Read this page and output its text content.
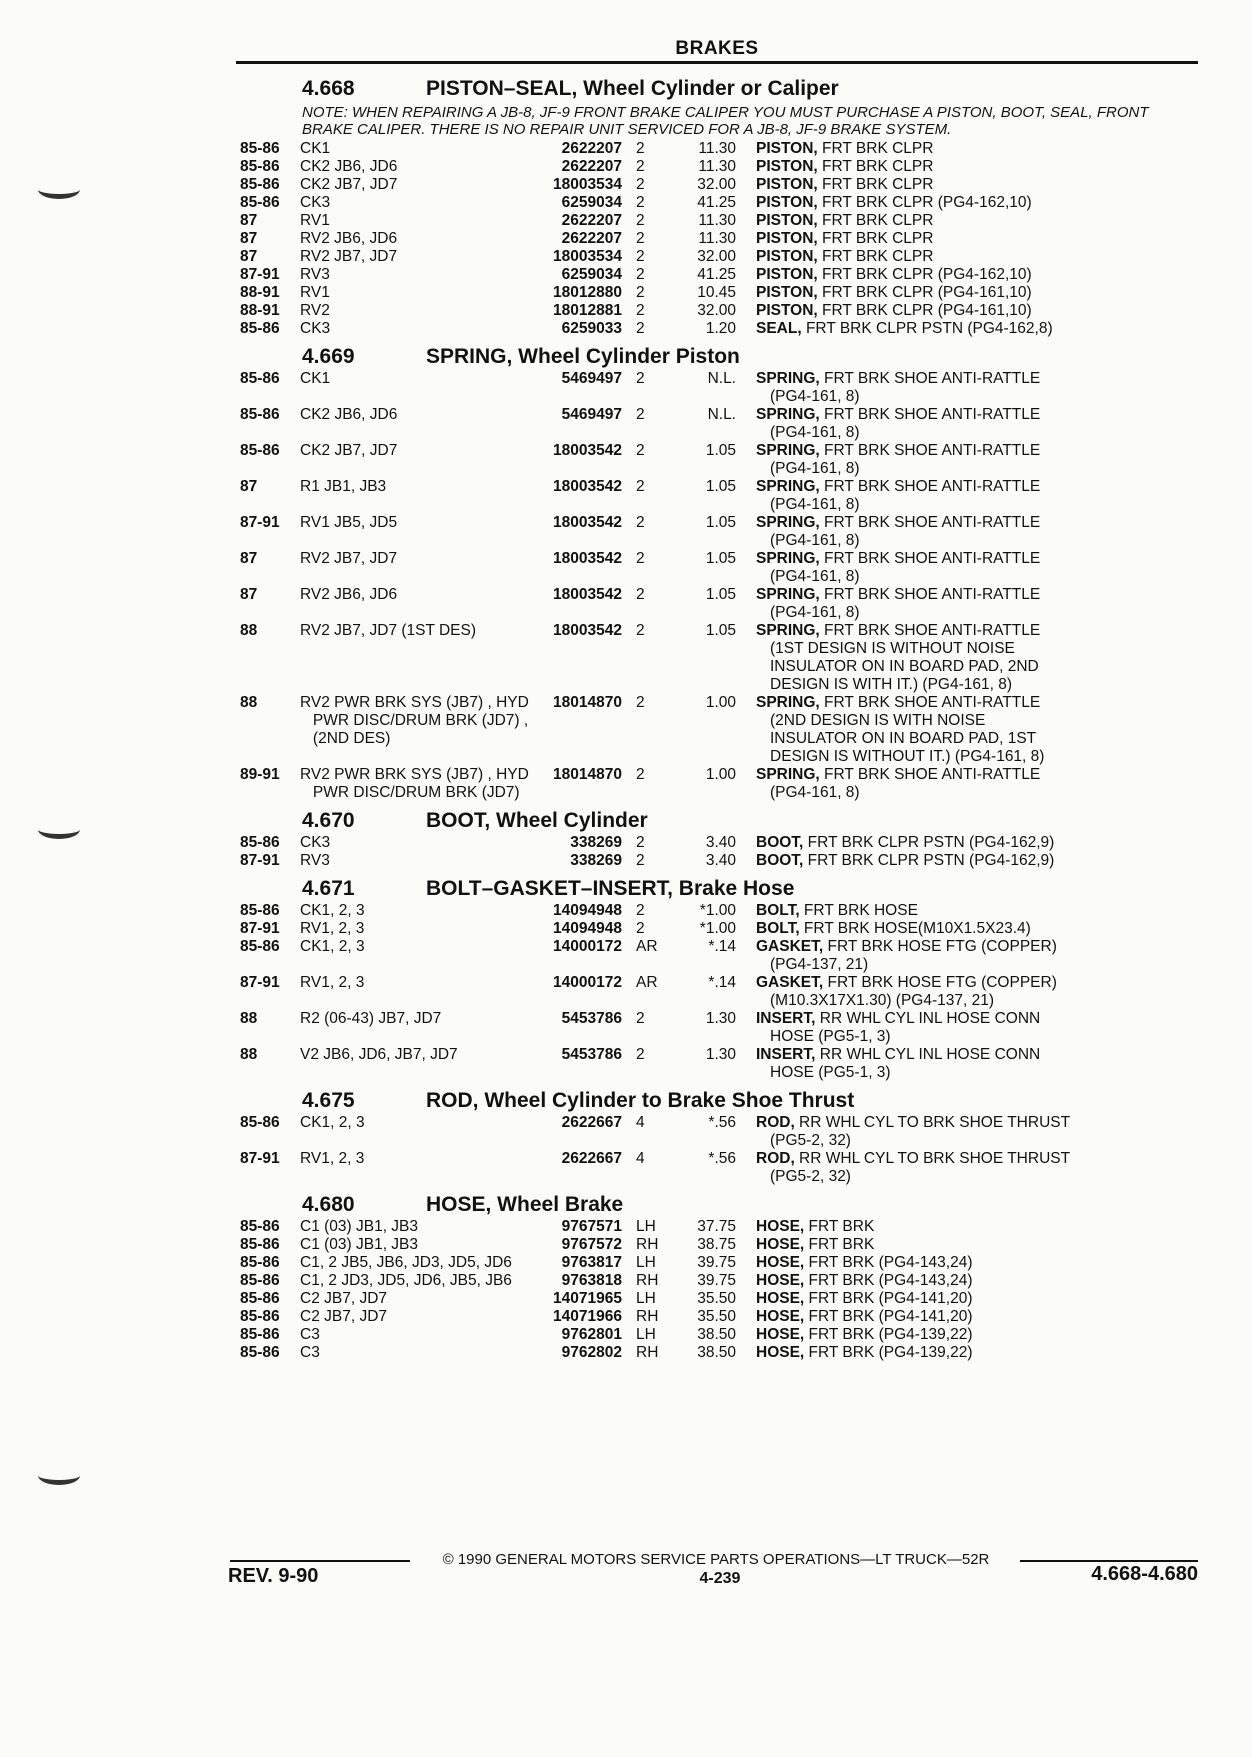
BRAKES
4.668	PISTON–SEAL, Wheel Cylinder or Caliper
NOTE: WHEN REPAIRING A JB-8, JF-9 FRONT BRAKE CALIPER YOU MUST PURCHASE A PISTON, BOOT, SEAL, FRONT BRAKE CALIPER. THERE IS NO REPAIR UNIT SERVICED FOR A JB-8, JF-9 BRAKE SYSTEM.
85-86	CK1	2622207 2	11.30 PISTON, FRT BRK CLPR
85-86	CK2 JB6, JD6	2622207 2	11.30 PISTON, FRT BRK CLPR
85-86	CK2 JB7, JD7	18003534 2	32.00 PISTON, FRT BRK CLPR
85-86	CK3	6259034 2	41.25 PISTON, FRT BRK CLPR (PG4-162,10)
87	RV1	2622207 2	11.30 PISTON, FRT BRK CLPR
87	RV2 JB6, JD6	2622207 2	11.30 PISTON, FRT BRK CLPR
87	RV2 JB7, JD7	18003534 2	32.00 PISTON, FRT BRK CLPR
87-91	RV3	6259034 2	41.25 PISTON, FRT BRK CLPR (PG4-162,10)
88-91	RV1	18012880 2	10.45 PISTON, FRT BRK CLPR (PG4-161,10)
88-91	RV2	18012881 2	32.00 PISTON, FRT BRK CLPR (PG4-161,10)
85-86	CK3	6259033 2	1.20 SEAL, FRT BRK CLPR PSTN (PG4-162,8)
4.669	SPRING, Wheel Cylinder Piston
85-86	CK1	5469497 2	N.L. SPRING, FRT BRK SHOE ANTI-RATTLE
(PG4-161, 8)
85-86	CK2 JB6, JD6	5469497 2	N.L. SPRING, FRT BRK SHOE ANTI-RATTLE
(PG4-161, 8)
85-86	CK2 JB7, JD7	18003542 2	1.05 SPRING, FRT BRK SHOE ANTI-RATTLE
(PG4-161, 8)
87	R1 JB1, JB3	18003542 2	1.05 SPRING, FRT BRK SHOE ANTI-RATTLE
(PG4-161, 8)
87-91	RV1 JB5, JD5	18003542 2	1.05 SPRING, FRT BRK SHOE ANTI-RATTLE
(PG4-161, 8)
87	RV2 JB7, JD7	18003542 2	1.05 SPRING, FRT BRK SHOE ANTI-RATTLE
(PG4-161, 8)
87	RV2 JB6, JD6	18003542 2	1.05 SPRING, FRT BRK SHOE ANTI-RATTLE
(PG4-161, 8)
88	RV2 JB7, JD7 (1ST DES)	18003542 2	1.05 SPRING, FRT BRK SHOE ANTI-RATTLE
(1ST DESIGN IS WITHOUT NOISE
INSULATOR ON IN BOARD PAD, 2ND
DESIGN IS WITH IT.) (PG4-161, 8)
88	RV2 PWR BRK SYS (JB7) , HYD
PWR DISC/DRUM BRK (JD7) ,
(2ND DES)
18014870 2	1.00 SPRING, FRT BRK SHOE ANTI-RATTLE
(2ND DESIGN IS WITH NOISE
INSULATOR ON IN BOARD PAD, 1ST
DESIGN IS WITHOUT IT.) (PG4-161, 8)
89-91	RV2 PWR BRK SYS (JB7) , HYD
PWR DISC/DRUM BRK (JD7)
18014870 2	1.00 SPRING, FRT BRK SHOE ANTI-RATTLE
(PG4-161, 8)
4.670	BOOT, Wheel Cylinder
85-86	CK3	338269 2	3.40 BOOT, FRT BRK CLPR PSTN (PG4-162,9)
87-91	RV3	338269 2	3.40 BOOT, FRT BRK CLPR PSTN (PG4-162,9)
4.671	BOLT–GASKET–INSERT, Brake Hose
85-86	CK1, 2, 3	14094948 2	*1.00 BOLT, FRT BRK HOSE
87-91	RV1, 2, 3	14094948 2	*1.00 BOLT, FRT BRK HOSE(M10X1.5X23.4)
85-86	CK1, 2, 3	14000172 AR	*.14 GASKET, FRT BRK HOSE FTG (COPPER)
(PG4-137, 21)
87-91	RV1, 2, 3	14000172 AR	*.14 GASKET, FRT BRK HOSE FTG (COPPER)
(M10.3X17X1.30) (PG4-137, 21)
88	R2 (06-43) JB7, JD7	5453786 2	1.30 INSERT, RR WHL CYL INL HOSE CONN
HOSE (PG5-1, 3)
88	V2 JB6, JD6, JB7, JD7	5453786 2	1.30 INSERT, RR WHL CYL INL HOSE CONN
HOSE (PG5-1, 3)
4.675	ROD, Wheel Cylinder to Brake Shoe Thrust
85-86	CK1, 2, 3	2622667 4	*.56 ROD, RR WHL CYL TO BRK SHOE THRUST
(PG5-2, 32)
87-91	RV1, 2, 3	2622667 4	*.56 ROD, RR WHL CYL TO BRK SHOE THRUST
(PG5-2, 32)
4.680	HOSE, Wheel Brake
85-86	C1 (03) JB1, JB3	9767571 LH	37.75 HOSE, FRT BRK
85-86	C1 (03) JB1, JB3	9767572 RH	38.75 HOSE, FRT BRK
85-86	C1, 2 JB5, JB6, JD3, JD5, JD6	9763817 LH	39.75 HOSE, FRT BRK (PG4-143,24)
85-86	C1, 2 JD3, JD5, JD6, JB5, JB6	9763818 RH	39.75 HOSE, FRT BRK (PG4-143,24)
85-86	C2 JB7, JD7	14071965 LH	35.50 HOSE, FRT BRK (PG4-141,20)
85-86	C2 JB7, JD7	14071966 RH	35.50 HOSE, FRT BRK (PG4-141,20)
85-86	C3	9762801 LH	38.50 HOSE, FRT BRK (PG4-139,22)
85-86	C3	9762802 RH	38.50 HOSE, FRT BRK (PG4-139,22)
© 1990 GENERAL MOTORS SERVICE PARTS OPERATIONS—LT TRUCK—52R
REV. 9-90	4-239	4.668-4.680
